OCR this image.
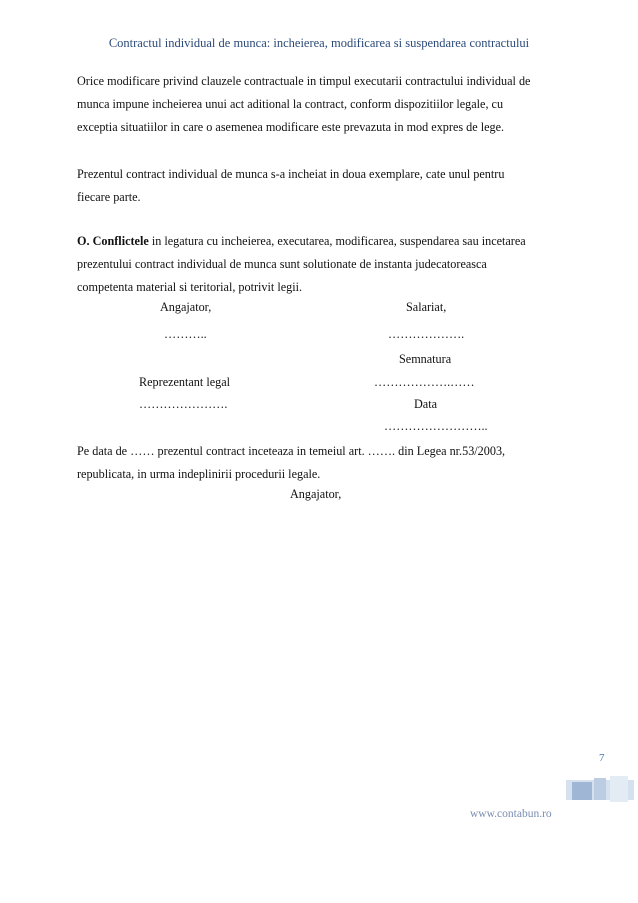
Contractul individual de munca: incheierea, modificarea si suspendarea contractului

Orice modificare privind clauzele contractuale in timpul executarii contractului individual de
munca impune incheierea unui act aditional la contract, conform dispozitiilor legale, cu
exceptia situatiilor in care o asemenea modificare este prevazuta in mod expres de lege.

Prezentul contract individual de munca s-a incheiat in doua exemplare, cate unul pentru
fiecare parte.

O. Conflictele in legatura cu incheierea, executarea, modificarea, suspendarea sau incetarea
prezentului contract individual de munca sunt solutionate de instanta judecatoreasca
competenta material si teritorial, potrivit legii.

Angajator,	Salariat,
………..	……………….
Semnatura
Reprezentant legal	……………….……
………………….	Data
……………………..

Pe data de …… prezentul contract inceteaza in temeiul art. ……. din Legea nr.53/2003,
republicata, in urma indeplinirii procedurii legale.

Angajator,
7
www.contabun.ro
